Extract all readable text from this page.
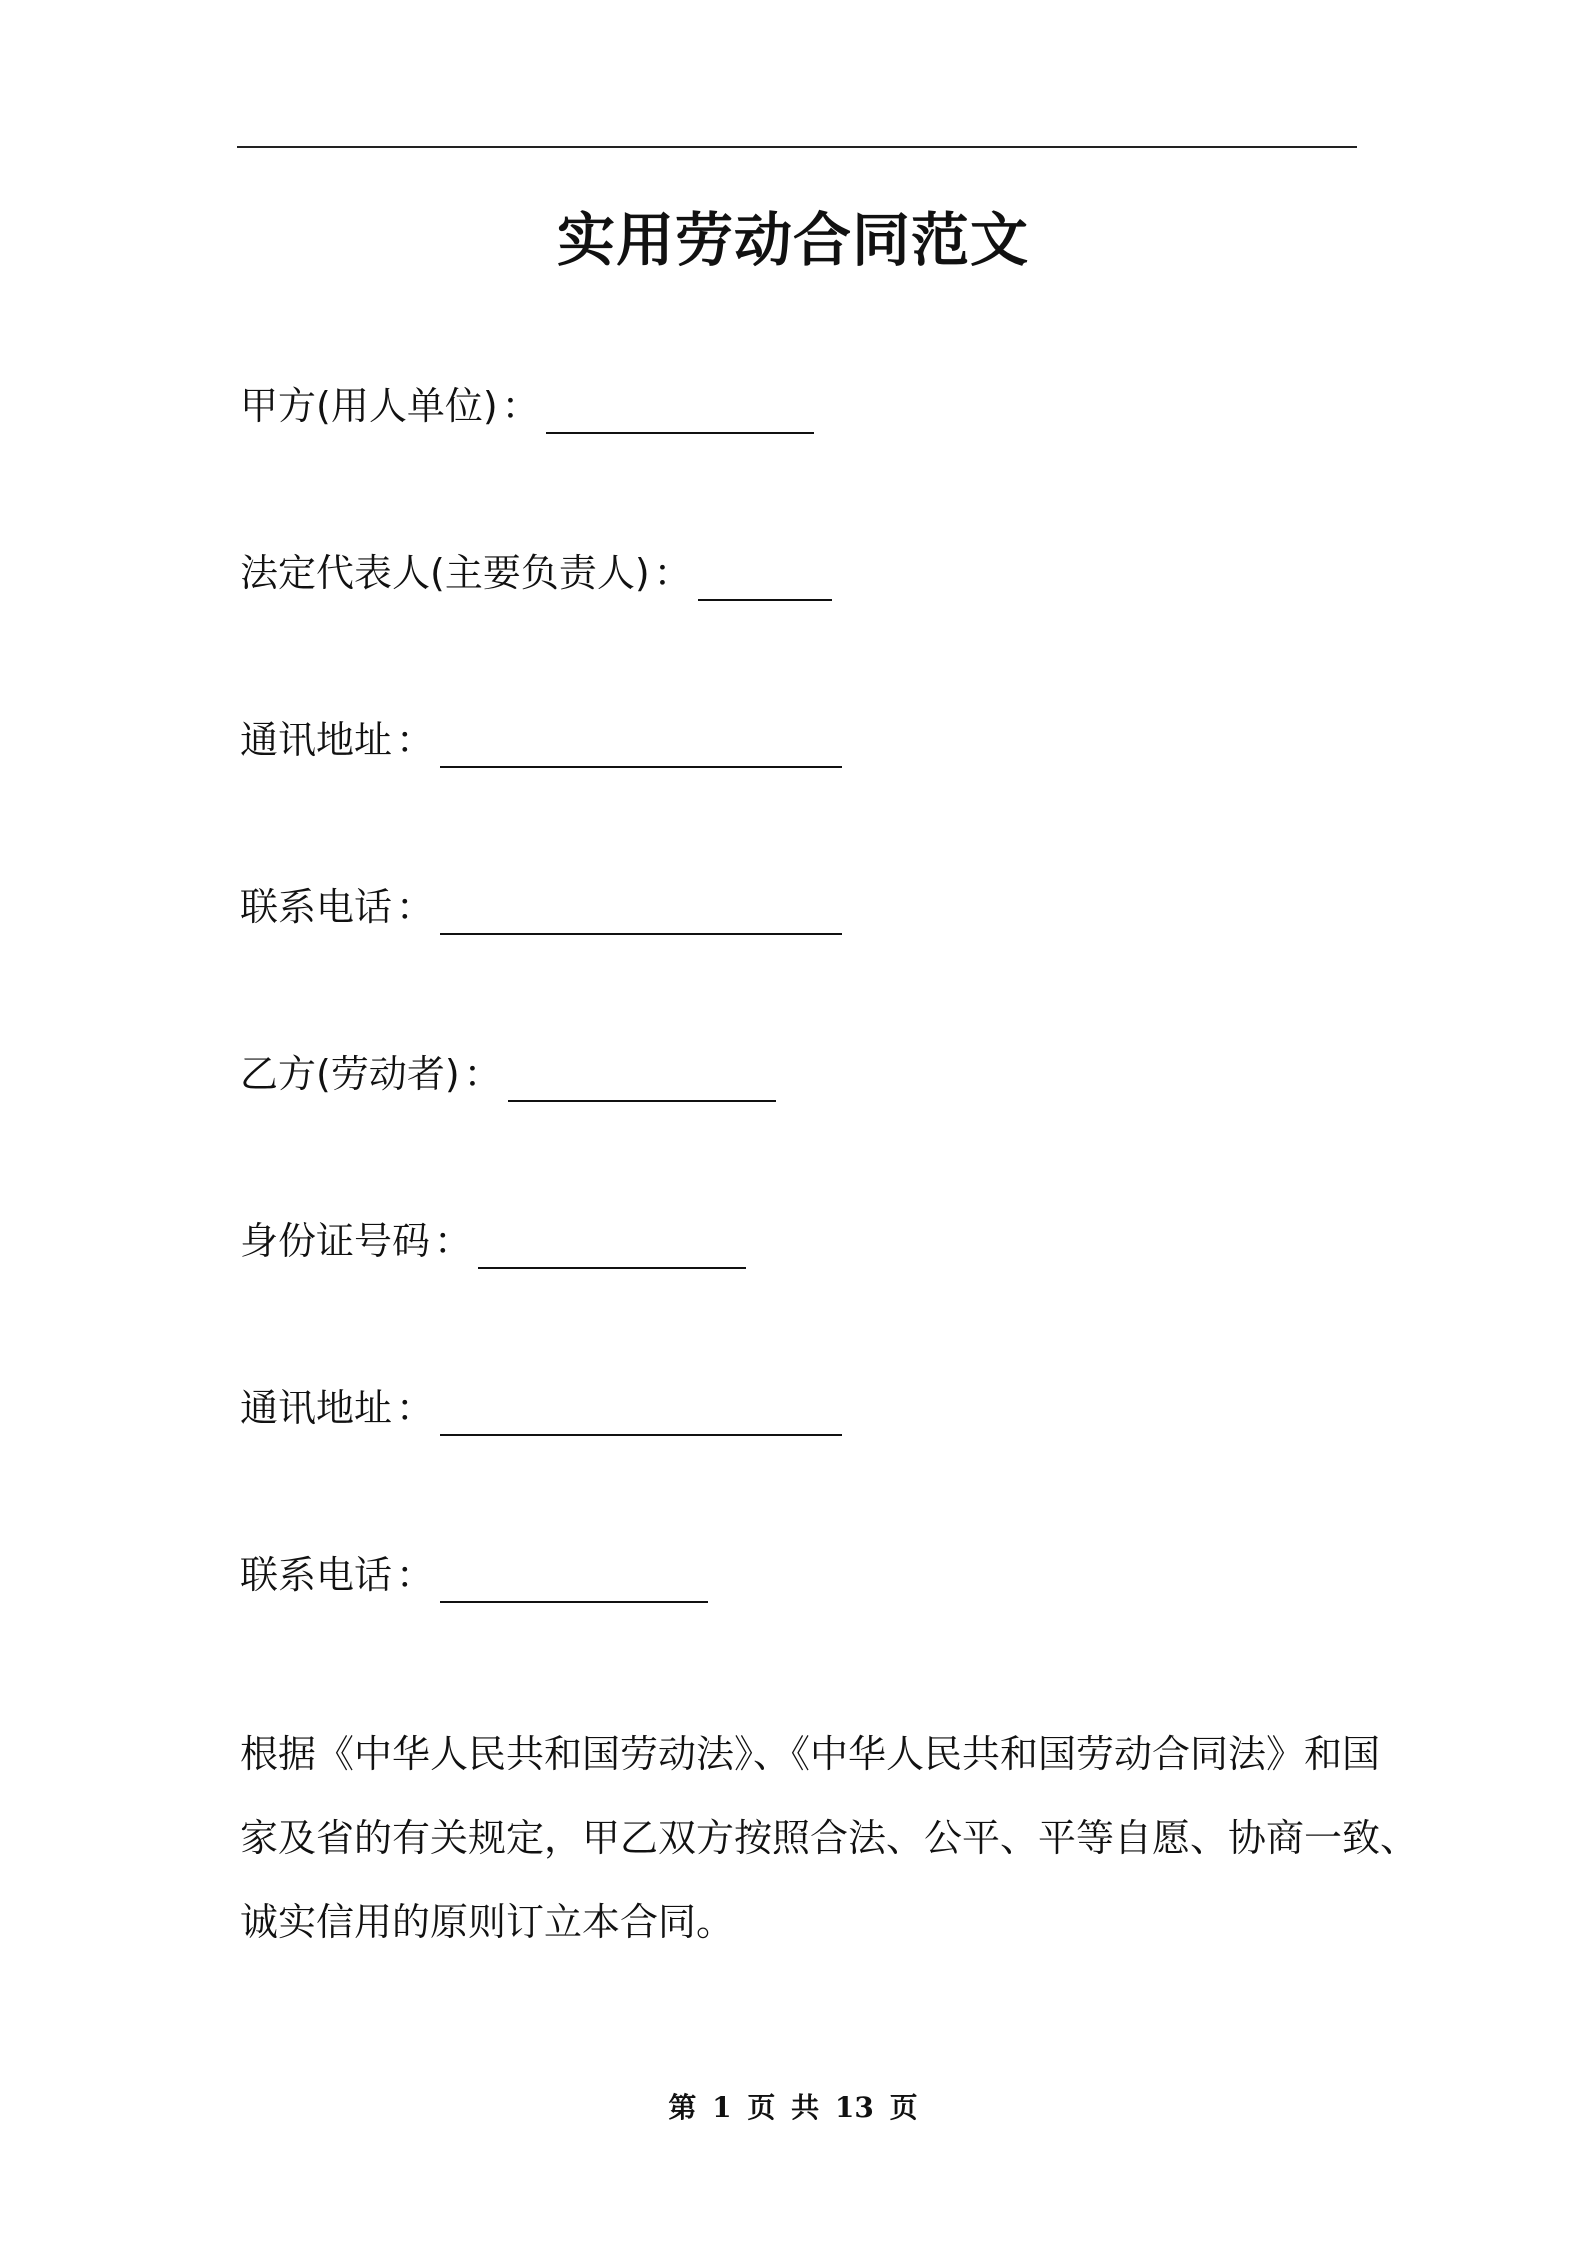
实用劳动合同范文
甲方(用人单位) ：
法定代表人(主要负责人) ：
通讯地址 ：
联系电话 ：
乙方(劳动者) ：
身份证号码 ：
通讯地址 ：
联系电话 ：
根据《中华人民共和国劳动法》、《中华人民共和国劳动合同法》和国
家及省的有关规定，甲乙双方按照合法、公平、平等自愿、协商一致、
诚实信用的原则订立本合同。
第 1 页 共 13 页
